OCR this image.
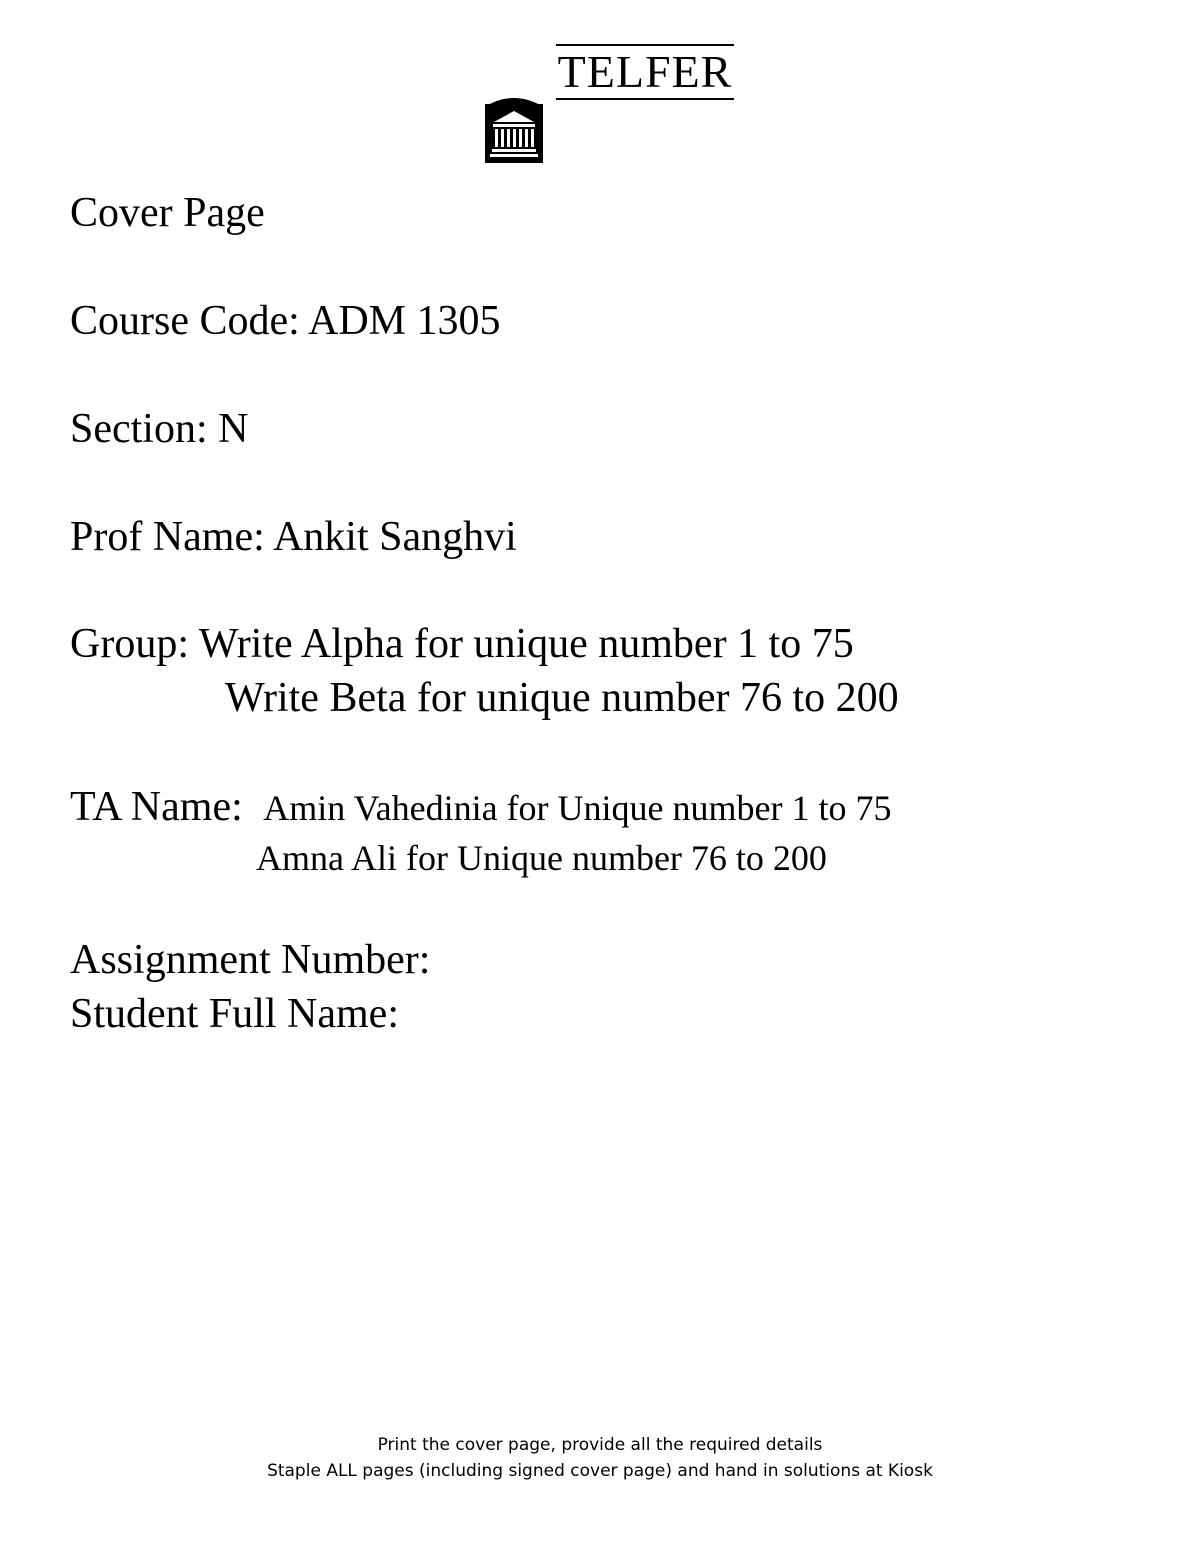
TELFER
Cover Page
Course Code: ADM 1305
Section: N
Prof Name: Ankit Sanghvi
Group: Write Alpha for unique number 1 to 75
Write Beta for unique number 76 to 200
TA Name: Amin Vahedinia for Unique number 1 to 75
Amna Ali for Unique number 76 to 200
Assignment Number:
Student Full Name:
Print the cover page, provide all the required details
Staple ALL pages (including signed cover page) and hand in solutions at Kiosk
